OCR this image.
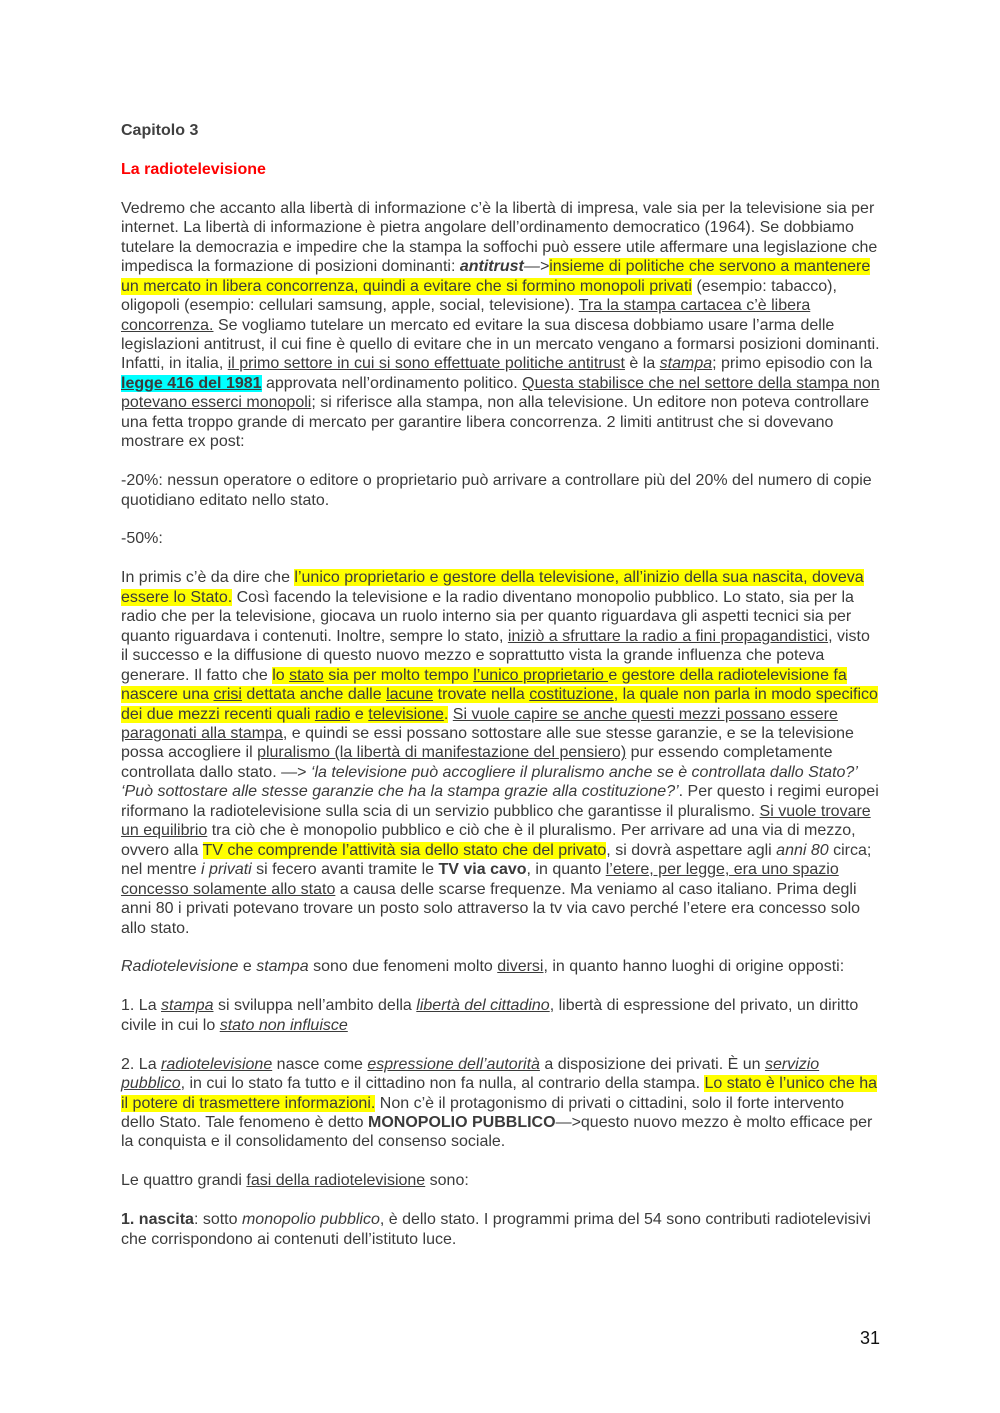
Capitolo 3

La radiotelevisione

Vedremo che accanto alla libertà di informazione c’è la libertà di impresa, vale sia per la televisione sia per internet. La libertà di informazione è pietra angolare dell’ordinamento democratico (1964). Se dobbiamo tutelare la democrazia e impedire che la stampa la soffochi può essere utile affermare una legislazione che impedisca la formazione di posizioni dominanti: antitrust—>insieme di politiche che servono a mantenere un mercato in libera concorrenza, quindi a evitare che si formino monopoli privati (esempio: tabacco), oligopoli (esempio: cellulari samsung, apple, social, televisione). Tra la stampa cartacea c’è libera concorrenza. Se vogliamo tutelare un mercato ed evitare la sua discesa dobbiamo usare l’arma delle legislazioni antitrust, il cui fine è quello di evitare che in un mercato vengano a formarsi posizioni dominanti. Infatti, in italia, il primo settore in cui si sono effettuate politiche antitrust è la stampa; primo episodio con la legge 416 del 1981 approvata nell’ordinamento politico. Questa stabilisce che nel settore della stampa non potevano esserci monopoli; si riferisce alla stampa, non alla televisione. Un editore non poteva controllare una fetta troppo grande di mercato per garantire libera concorrenza. 2 limiti antitrust che si dovevano mostrare ex post:

-20%: nessun operatore o editore o proprietario può arrivare a controllare più del 20% del numero di copie quotidiano editato nello stato.

-50%:

In primis c’è da dire che l’unico proprietario e gestore della televisione, all’inizio della sua nascita, doveva essere lo Stato. Così facendo la televisione e la radio diventano monopolio pubblico. Lo stato, sia per la radio che per la televisione, giocava un ruolo interno sia per quanto riguardava gli aspetti tecnici sia per quanto riguardava i contenuti. Inoltre, sempre lo stato, iniziò a sfruttare la radio a fini propagandistici, visto il successo e la diffusione di questo nuovo mezzo e soprattutto vista la grande influenza che poteva generare. Il fatto che lo stato sia per molto tempo l’unico proprietario e gestore della radiotelevisione fa nascere una crisi dettata anche dalle lacune trovate nella costituzione, la quale non parla in modo specifico dei due mezzi recenti quali radio e televisione. Si vuole capire se anche questi mezzi possano essere paragonati alla stampa, e quindi se essi possano sottostare alle sue stesse garanzie, e se la televisione possa accogliere il pluralismo (la libertà di manifestazione del pensiero) pur essendo completamente controllata dallo stato. —> ‘la televisione può accogliere il pluralismo anche se è controllata dallo Stato?’ ‘Può sottostare alle stesse garanzie che ha la stampa grazie alla costituzione?’. Per questo i regimi europei riformano la radiotelevisione sulla scia di un servizio pubblico che garantisse il pluralismo. Si vuole trovare un equilibrio tra ciò che è monopolio pubblico e ciò che è il pluralismo. Per arrivare ad una via di mezzo, ovvero alla TV che comprende l’attività sia dello stato che del privato, si dovrà aspettare agli anni 80 circa; nel mentre i privati si fecero avanti tramite le TV via cavo, in quanto l’etere, per legge, era uno spazio concesso solamente allo stato a causa delle scarse frequenze. Ma veniamo al caso italiano. Prima degli anni 80 i privati potevano trovare un posto solo attraverso la tv via cavo perché l’etere era concesso solo allo stato.

Radiotelevisione e stampa sono due fenomeni molto diversi, in quanto hanno luoghi di origine opposti:

1. La stampa si sviluppa nell’ambito della libertà del cittadino, libertà di espressione del privato, un diritto civile in cui lo stato non influisce

2. La radiotelevisione nasce come espressione dell’autorità a disposizione dei privati. È un servizio pubblico, in cui lo stato fa tutto e il cittadino non fa nulla, al contrario della stampa. Lo stato è l’unico che ha il potere di trasmettere informazioni. Non c’è il protagonismo di privati o cittadini, solo il forte intervento dello Stato. Tale fenomeno è detto MONOPOLIO PUBBLICO—>questo nuovo mezzo è molto efficace per la conquista e il consolidamento del consenso sociale.

Le quattro grandi fasi della radiotelevisione sono:

1. nascita: sotto monopolio pubblico, è dello stato. I programmi prima del 54 sono contributi radiotelevisivi che corrispondono ai contenuti dell’istituto luce.

31
